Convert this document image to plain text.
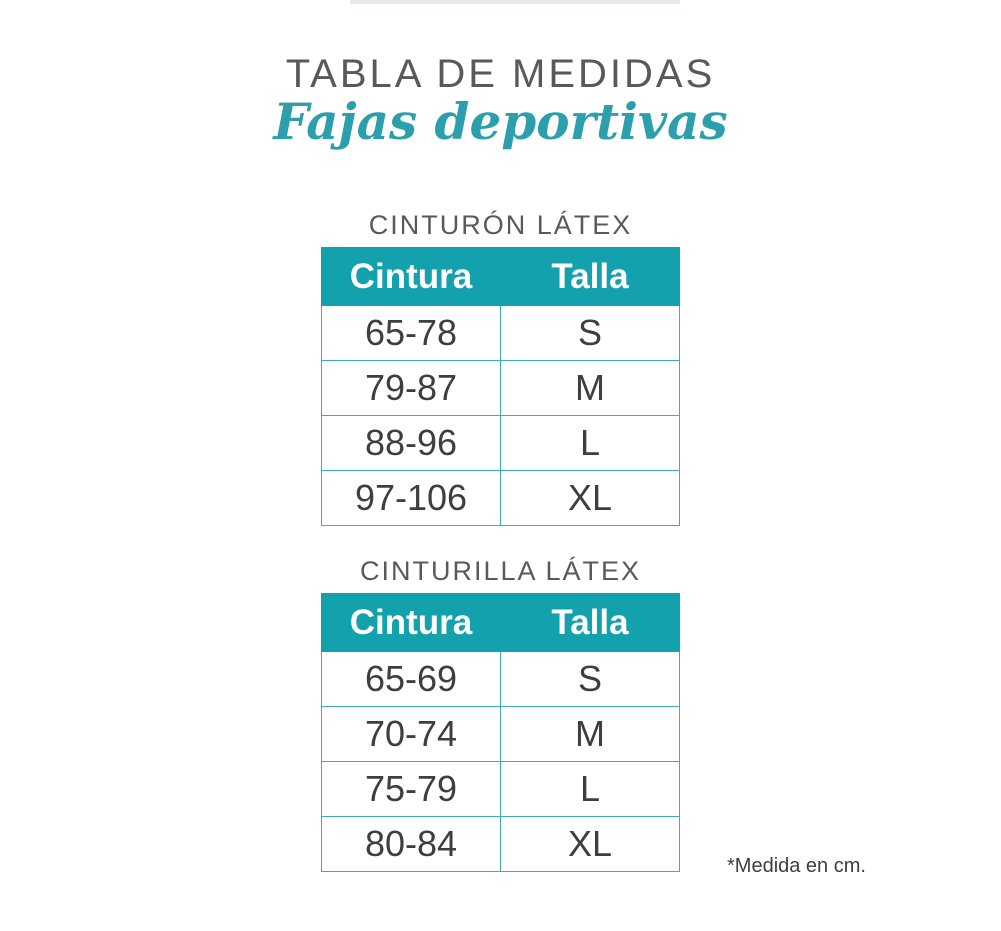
TABLA DE MEDIDAS
Fajas deportivas
CINTURÓN LÁTEX
Cintura	Talla
65-78	S
79-87	M
88-96	L
97-106	XL
CINTURILLA LÁTEX
Cintura	Talla
65-69	S
70-74	M
75-79	L
80-84	XL
*Medida en cm.
